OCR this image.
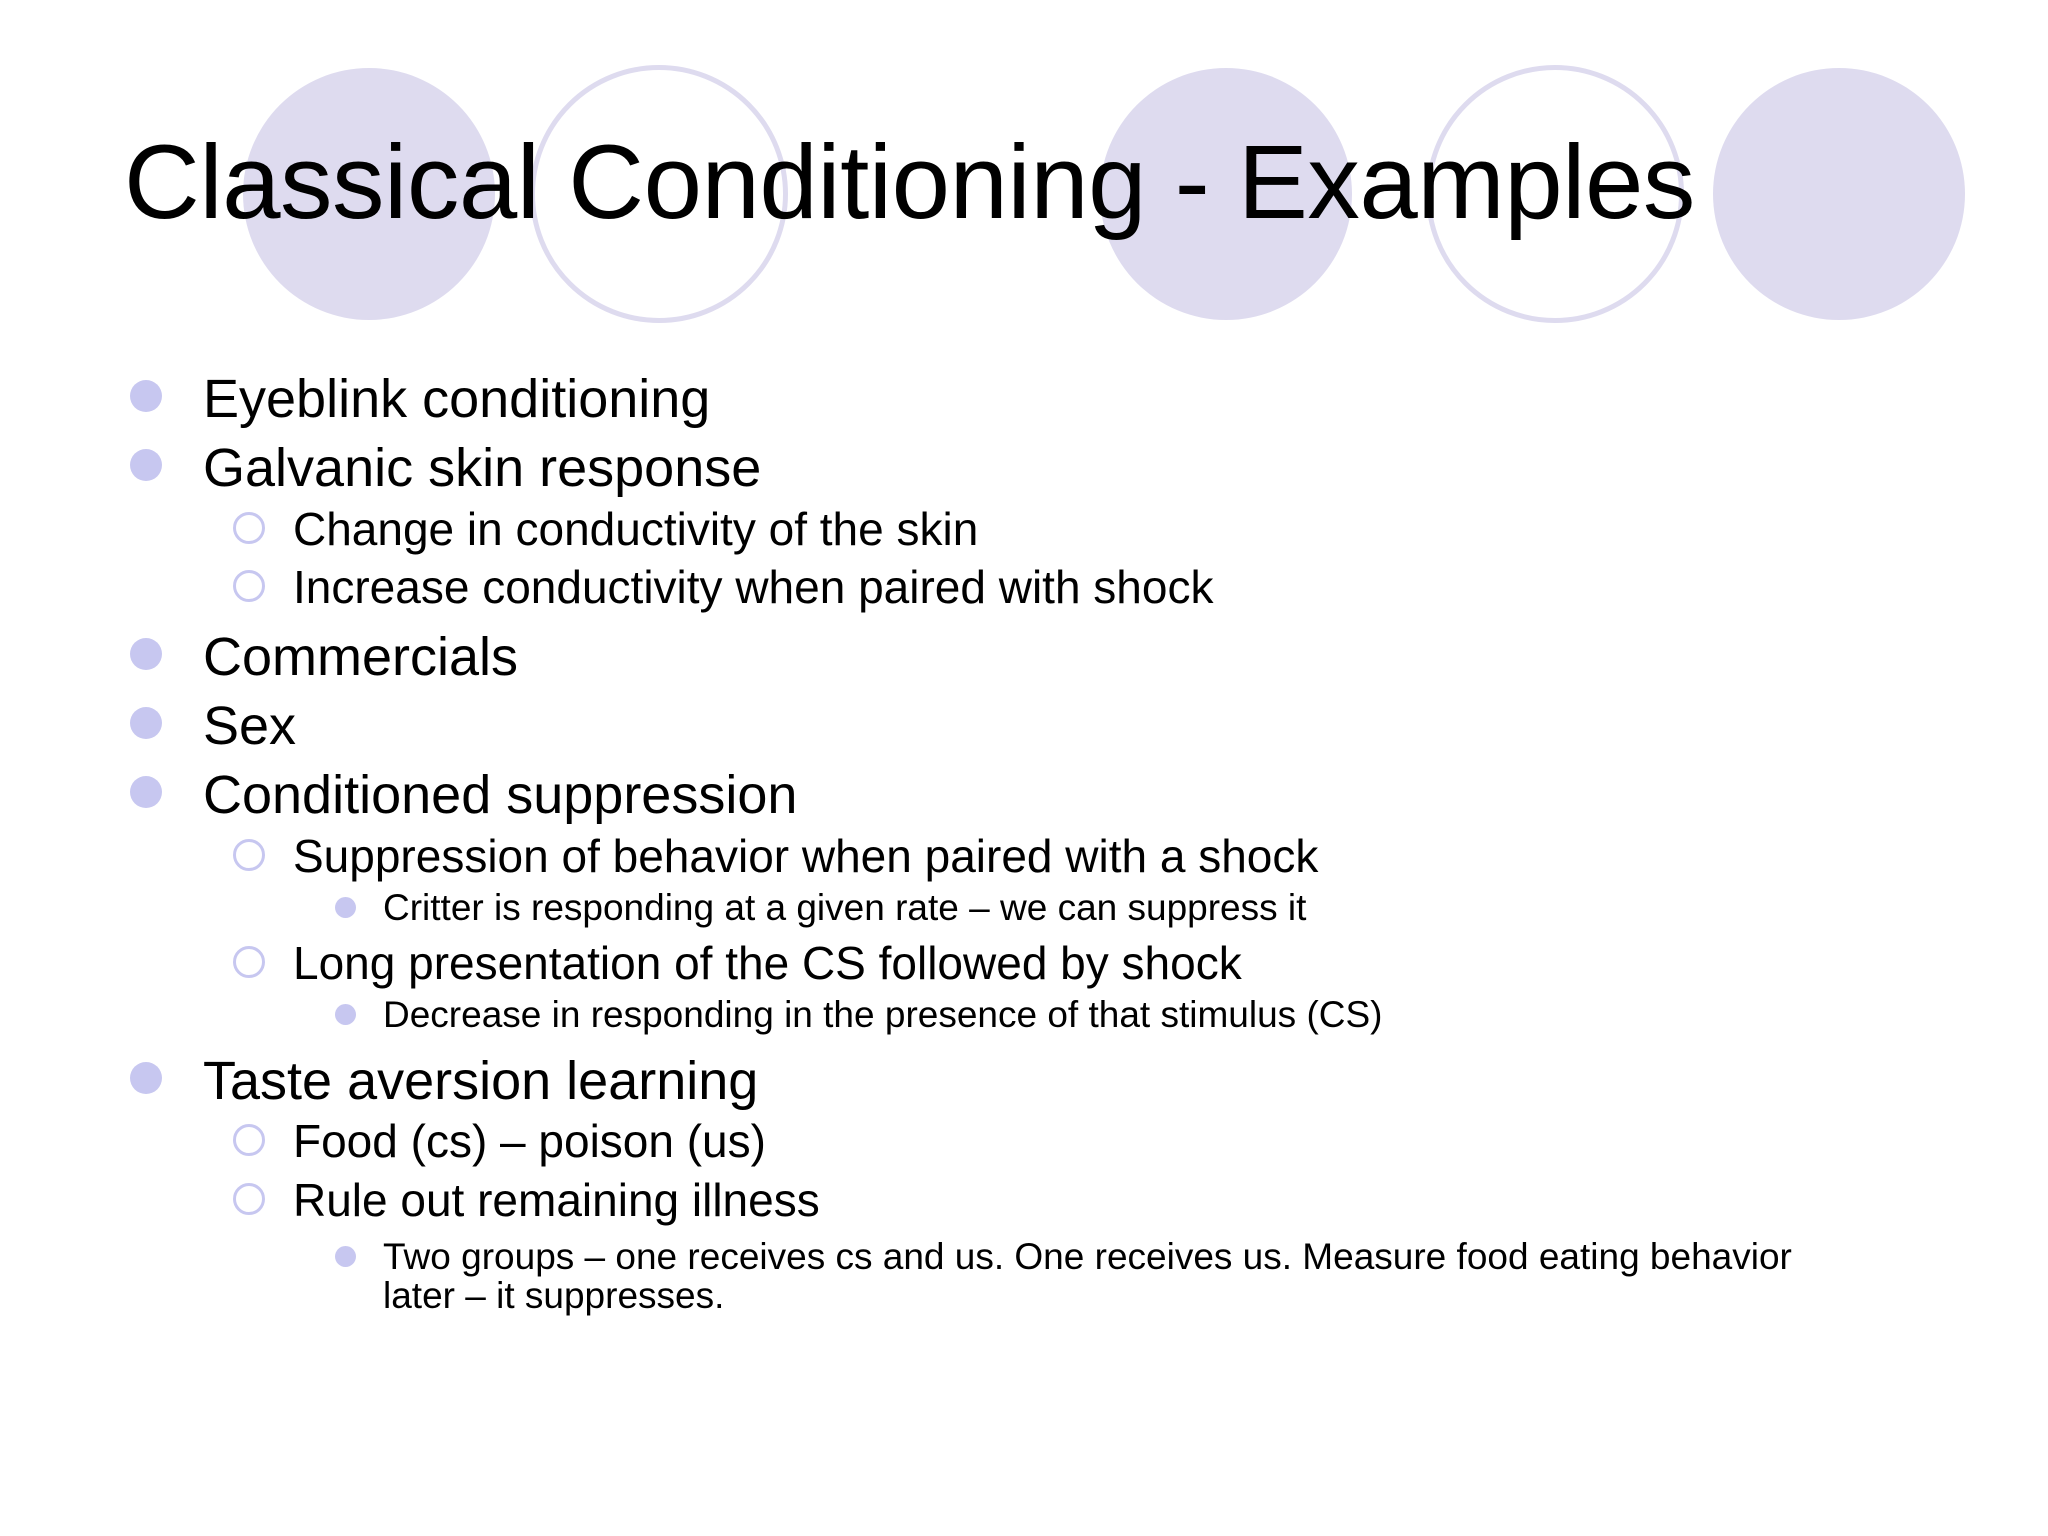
Classical Conditioning - Examples
Eyeblink conditioning
Galvanic skin response
Change in conductivity of the skin
Increase conductivity when paired with shock
Commercials
Sex
Conditioned suppression
Suppression of behavior when paired with a shock
Critter is responding at a given rate – we can suppress it
Long presentation of the CS followed by shock
Decrease in responding in the presence of that stimulus (CS)
Taste aversion learning
Food (cs) – poison (us)
Rule out remaining illness
Two groups – one receives cs and us. One receives us. Measure food eating behavior
later – it suppresses.
